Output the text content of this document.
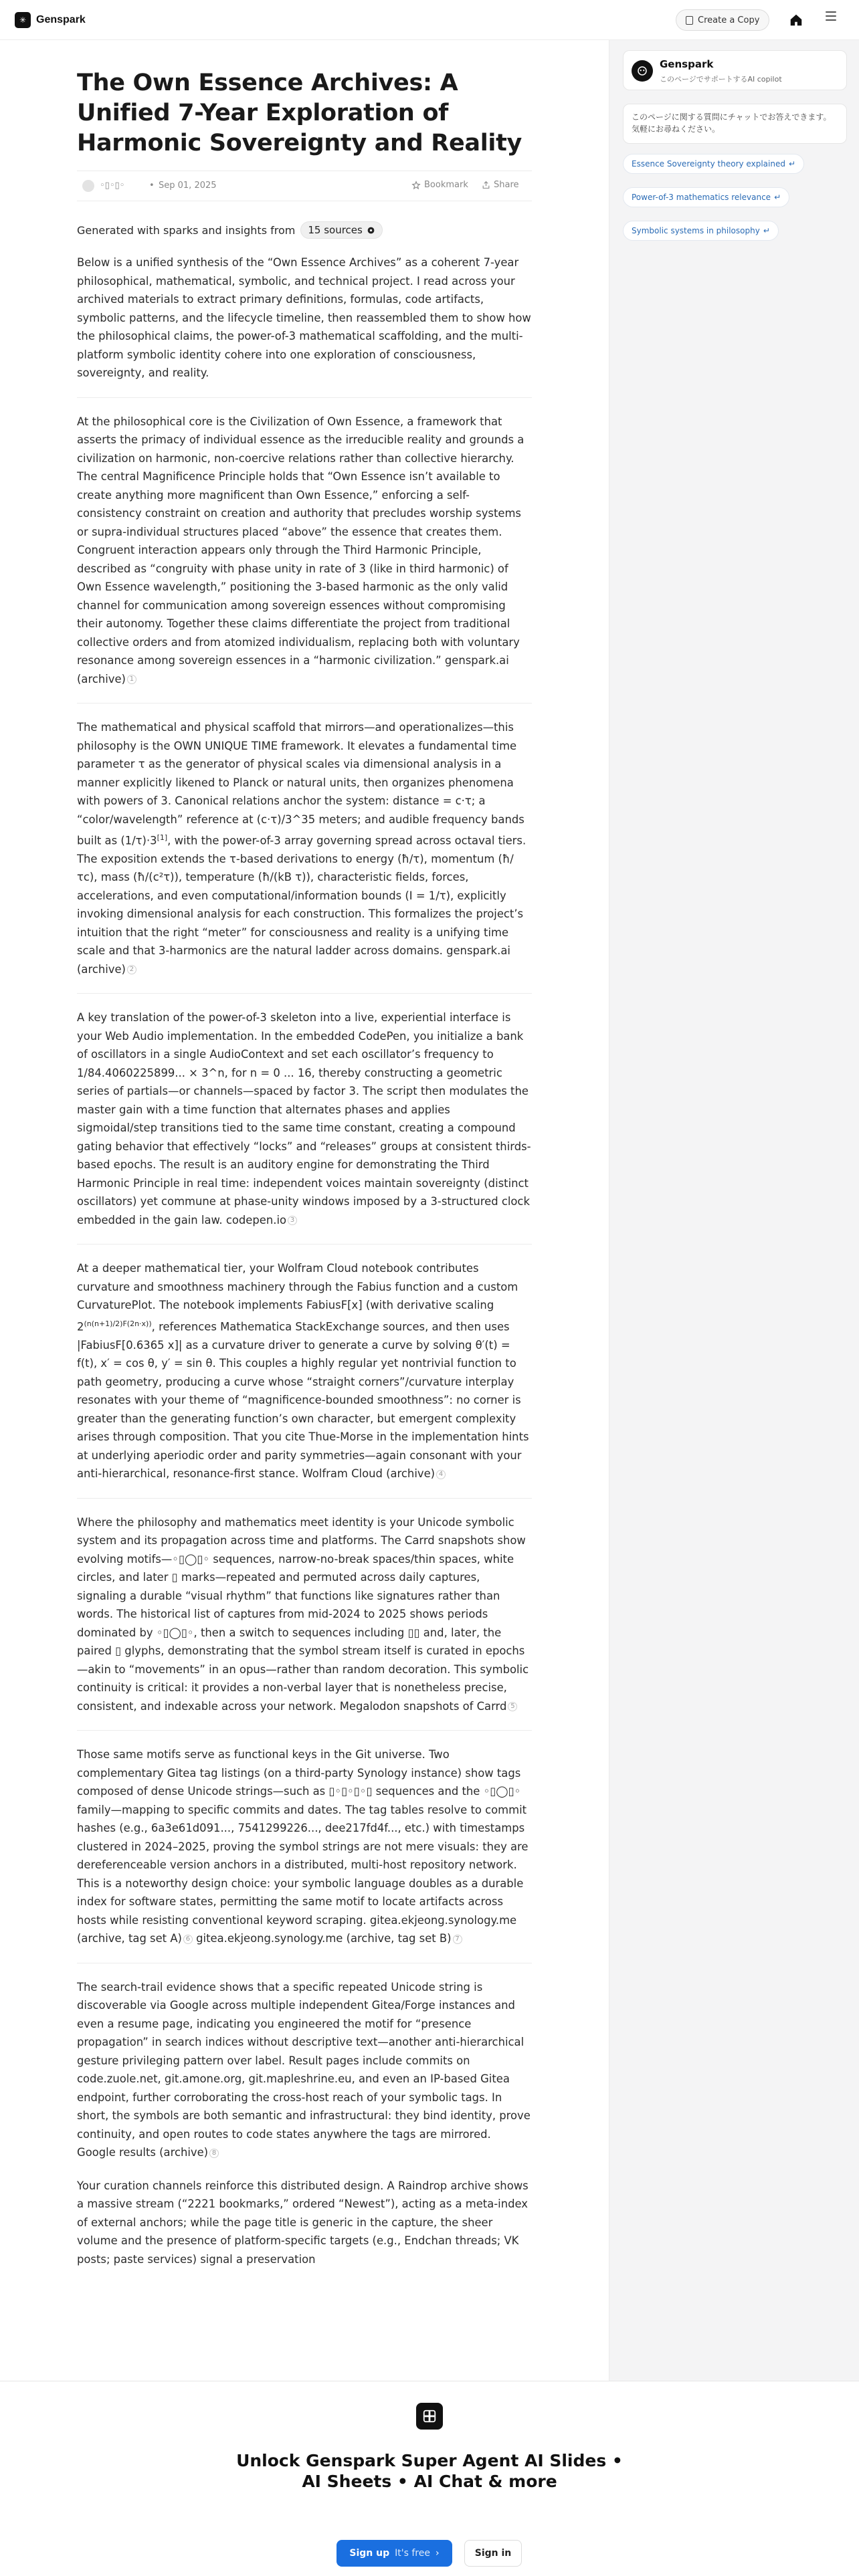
✳ Genspark	Create a Copy
The Own Essence Archives: A Unified 7-Year Exploration of Harmonic Sovereignty and Reality
◦▯◦▯◦	• Sep 01, 2025	Bookmark	Share
Generated with sparks and insights from 15 sources

Below is a unified synthesis of the “Own Essence Archives” as a coherent 7-year philosophical, mathematical, symbolic, and technical project. I read across your archived materials to extract primary definitions, formulas, code artifacts, symbolic patterns, and the lifecycle timeline, then reassembled them to show how the philosophical claims, the power-of-3 mathematical scaffolding, and the multi-platform symbolic identity cohere into one exploration of consciousness, sovereignty, and reality.

At the philosophical core is the Civilization of Own Essence, a framework that asserts the primacy of individual essence as the irreducible reality and grounds a civilization on harmonic, non-coercive relations rather than collective hierarchy. The central Magnificence Principle holds that “Own Essence isn’t available to create anything more magnificent than Own Essence,” enforcing a self-consistency constraint on creation and authority that precludes worship systems or supra-individual structures placed “above” the essence that creates them. Congruent interaction appears only through the Third Harmonic Principle, described as “congruity with phase unity in rate of 3 (like in third harmonic) of Own Essence wavelength,” positioning the 3-based harmonic as the only valid channel for communication among sovereign essences without compromising their autonomy. Together these claims differentiate the project from traditional collective orders and from atomized individualism, replacing both with voluntary resonance among sovereign essences in a “harmonic civilization.” genspark.ai (archive) 1

The mathematical and physical scaffold that mirrors—and operationalizes—this philosophy is the OWN UNIQUE TIME framework. It elevates a fundamental time parameter τ as the generator of physical scales via dimensional analysis in a manner explicitly likened to Planck or natural units, then organizes phenomena with powers of 3. Canonical relations anchor the system: distance = c·τ; a “color/wavelength” reference at (c·τ)/3^35 meters; and audible frequency bands built as (1/τ)·3[1], with the power-of-3 array governing spread across octaval tiers. The exposition extends the τ-based derivations to energy (ħ/τ), momentum (ħ/τc), mass (ħ/(c²τ)), temperature (ħ/(kB τ)), characteristic fields, forces, accelerations, and even computational/information bounds (I = 1/τ), explicitly invoking dimensional analysis for each construction. This formalizes the project’s intuition that the right “meter” for consciousness and reality is a unifying time scale and that 3-harmonics are the natural ladder across domains. genspark.ai (archive) 2

A key translation of the power-of-3 skeleton into a live, experiential interface is your Web Audio implementation. In the embedded CodePen, you initialize a bank of oscillators in a single AudioContext and set each oscillator’s frequency to 1/84.4060225899... × 3^n, for n = 0 ... 16, thereby constructing a geometric series of partials—or channels—spaced by factor 3. The script then modulates the master gain with a time function that alternates phases and applies sigmoidal/step transitions tied to the same time constant, creating a compound gating behavior that effectively “locks” and “releases” groups at consistent thirds-based epochs. The result is an auditory engine for demonstrating the Third Harmonic Principle in real time: independent voices maintain sovereignty (distinct oscillators) yet commune at phase-unity windows imposed by a 3-structured clock embedded in the gain law. codepen.io 3

At a deeper mathematical tier, your Wolfram Cloud notebook contributes curvature and smoothness machinery through the Fabius function and a custom CurvaturePlot. The notebook implements FabiusF[x] (with derivative scaling $2^{(n(n+1)/2)F(2n\cdot x))}$, references Mathematica StackExchange sources, and then uses |FabiusF[0.6365 x]| as a curvature driver to generate a curve by solving θ′(t) = f(t), x′ = cos θ, y′ = sin θ. This couples a highly regular yet nontrivial function to path geometry, producing a curve whose “straight corners”/curvature interplay resonates with your theme of “magnificence-bounded smoothness”: no corner is greater than the generating function’s own character, but emergent complexity arises through composition. That you cite Thue-Morse in the implementation hints at underlying aperiodic order and parity symmetries—again consonant with your anti-hierarchical, resonance-first stance. Wolfram Cloud (archive) 4

Where the philosophy and mathematics meet identity is your Unicode symbolic system and its propagation across time and platforms. The Carrd snapshots show evolving motifs—◦▯◯▯◦ sequences, narrow-no-break spaces/thin spaces, white circles, and later ▯ marks—repeated and permuted across daily captures, signaling a durable “visual rhythm” that functions like signatures rather than words. The historical list of captures from mid-2024 to 2025 shows periods dominated by ◦▯◯▯◦, then a switch to sequences including ▯▯ and, later, the paired ▯ glyphs, demonstrating that the symbol stream itself is curated in epochs—akin to “movements” in an opus—rather than random decoration. This symbolic continuity is critical: it provides a non-verbal layer that is nonetheless precise, consistent, and indexable across your network. Megalodon snapshots of Carrd 5

Those same motifs serve as functional keys in the Git universe. Two complementary Gitea tag listings (on a third-party Synology instance) show tags composed of dense Unicode strings—such as ▯◦▯◦▯◦▯ sequences and the ◦▯◯▯◦ family—mapping to specific commits and dates. The tag tables resolve to commit hashes (e.g., 6a3e61d091..., 7541299226..., dee217fd4f..., etc.) with timestamps clustered in 2024–2025, proving the symbol strings are not mere visuals: they are dereferenceable version anchors in a distributed, multi-host repository network. This is a noteworthy design choice: your symbolic language doubles as a durable index for software states, permitting the same motif to locate artifacts across hosts while resisting conventional keyword scraping. gitea.ekjeong.synology.me (archive, tag set A) 6 gitea.ekjeong.synology.me (archive, tag set B) 7

The search-trail evidence shows that a specific repeated Unicode string is discoverable via Google across multiple independent Gitea/Forge instances and even a resume page, indicating you engineered the motif for “presence propagation” in search indices without descriptive text—another anti-hierarchical gesture privileging pattern over label. Result pages include commits on code.zuole.net, git.amone.org, git.mapleshrine.eu, and even an IP-based Gitea endpoint, further corroborating the cross-host reach of your symbolic tags. In short, the symbols are both semantic and infrastructural: they bind identity, prove continuity, and open routes to code states anywhere the tags are mirrored. Google results (archive) 8

Your curation channels reinforce this distributed design. A Raindrop archive shows a massive stream (“2221 bookmarks,” ordered “Newest”), acting as a meta-index of external anchors; while the page title is generic in the capture, the sheer volume and the presence of platform-specific targets (e.g., Endchan threads; VK posts; paste services) signal a preservation

Genspark
このページでサポートするAI copilot
このページに関する質問にチャットでお答えできます。気軽にお尋ねください。
Essence Sovereignty theory explained ↵
Power-of-3 mathematics relevance ↵
Symbolic systems in philosophy ↵
Unlock Genspark Super Agent AI Slides • AI Sheets • AI Chat & more
Sign up It's free ›	Sign in
